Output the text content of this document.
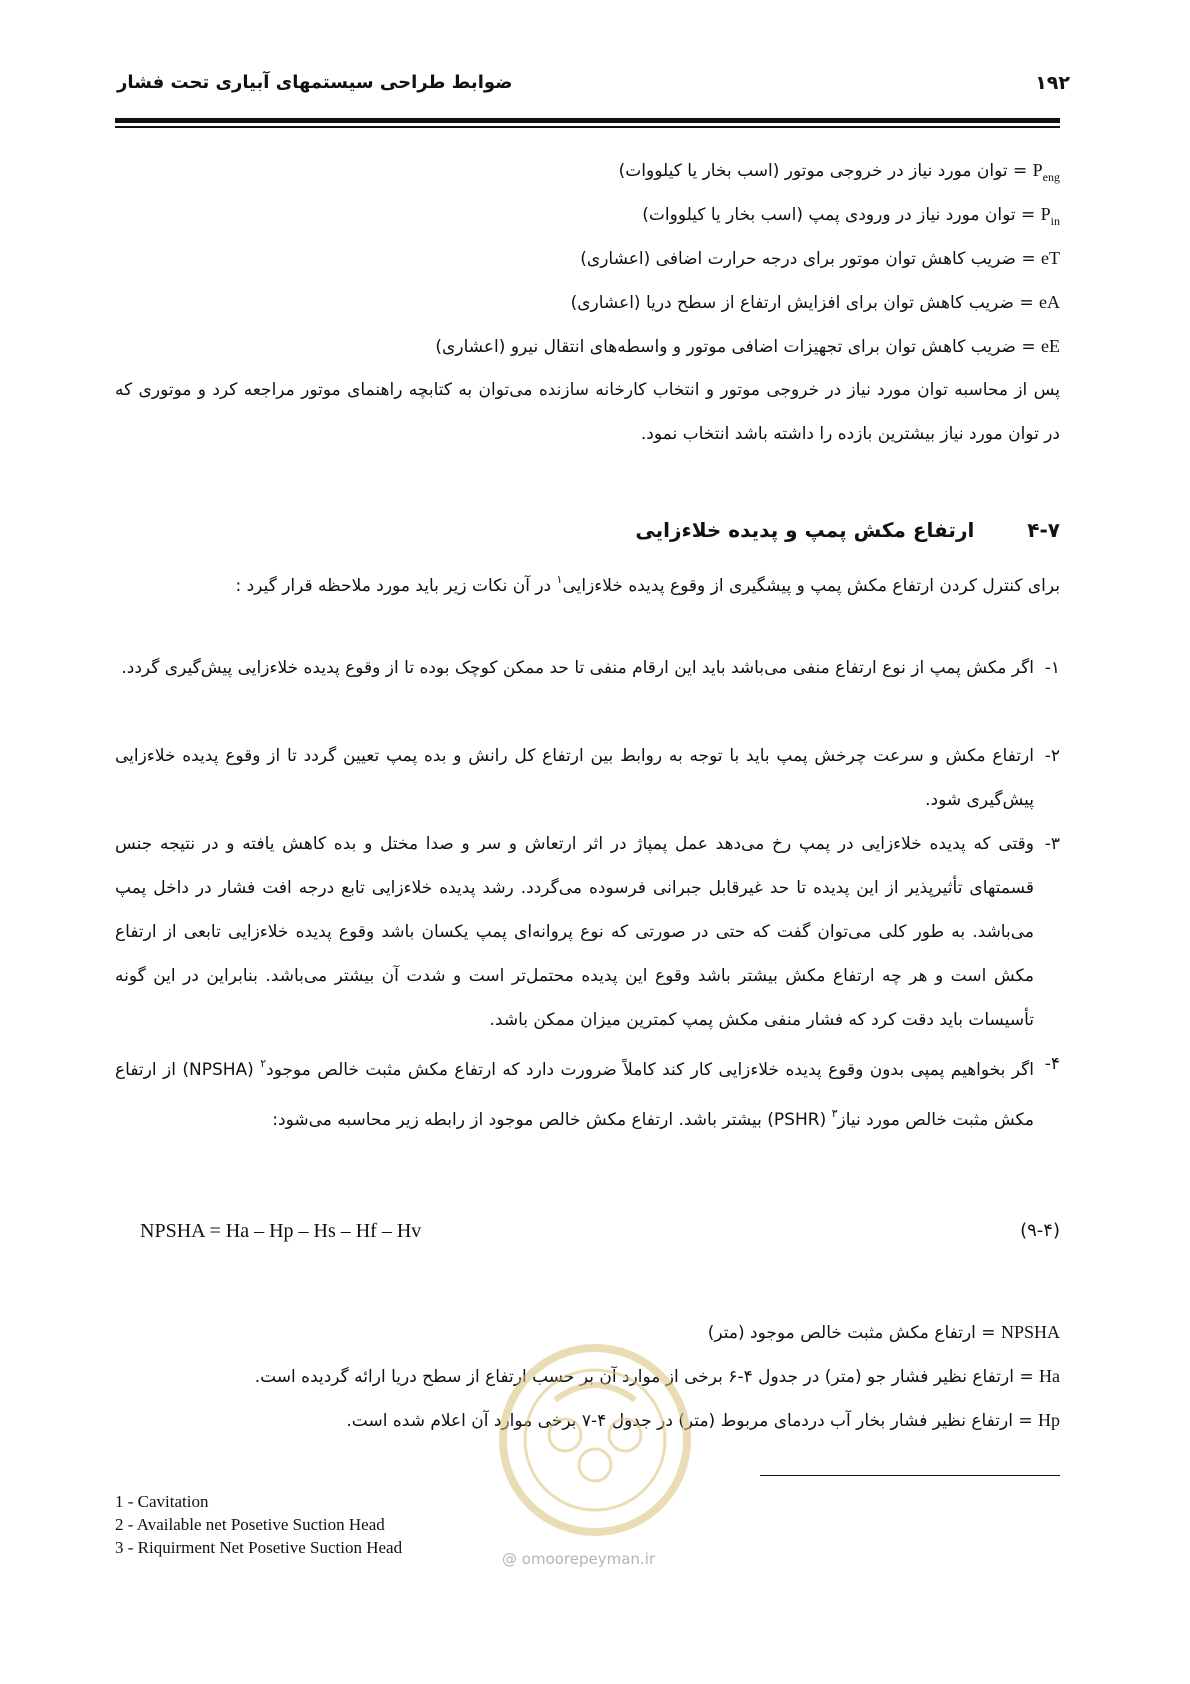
ضوابط طراحی سیستمهای آبیاری تحت فشار	۱۹۲
$P_{eng}$ = توان مورد نیاز در خروجی موتور (اسب بخار یا کیلووات)
$P_{in}$ = توان مورد نیاز در ورودی پمپ (اسب بخار یا کیلووات)
eT = ضریب کاهش توان موتور برای درجه حرارت اضافی (اعشاری)
eA = ضریب کاهش توان برای افزایش ارتفاع از سطح دریا (اعشاری)
eE = ضریب کاهش توان برای تجهیزات اضافی موتور و واسطه‌های انتقال نیرو (اعشاری)
پس از محاسبه توان مورد نیاز در خروجی موتور و انتخاب کارخانه سازنده می‌توان به کتابچه راهنمای موتور مراجعه کرد و موتوری که در توان مورد نیاز بیشترین بازده را داشته باشد انتخاب نمود.
۴-۷ ارتفاع مکش پمپ و پدیده خلاءزایی
برای کنترل کردن ارتفاع مکش پمپ و پیشگیری از وقوع پدیده خلاءزایی$^۱$ در آن نکات زیر باید مورد ملاحظه قرار گیرد :
۱-
اگر مکش پمپ از نوع ارتفاع منفی می‌باشد باید این ارقام منفی تا حد ممکن کوچک بوده تا از وقوع پدیده خلاءزایی پیش‌گیری گردد.
۲-
ارتفاع مکش و سرعت چرخش پمپ باید با توجه به روابط بین ارتفاع کل رانش و بده پمپ تعیین گردد تا از وقوع پدیده خلاءزایی پیش‌گیری شود.
۳-
وقتی که پدیده خلاءزایی در پمپ رخ می‌دهد عمل پمپاژ در اثر ارتعاش و سر و صدا مختل و بده کاهش یافته و در نتیجه جنس قسمتهای تأثیرپذیر از این پدیده تا حد غیرقابل جبرانی فرسوده می‌گردد. رشد پدیده خلاءزایی تابع درجه افت فشار در داخل پمپ می‌باشد. به طور کلی می‌توان گفت که حتی در صورتی که نوع پروانه‌ای پمپ یکسان باشد وقوع پدیده خلاءزایی تابعی از ارتفاع مکش است و هر چه ارتفاع مکش بیشتر باشد وقوع این پدیده محتمل‌تر است و شدت آن بیشتر می‌باشد. بنابراین در این گونه تأسیسات باید دقت کرد که فشار منفی مکش پمپ کمترین میزان ممکن باشد.
۴-
اگر بخواهیم پمپی بدون وقوع پدیده خلاءزایی کار کند کاملاً ضرورت دارد که ارتفاع مکش مثبت خالص موجود$^۲$ (NPSHA) از ارتفاع مکش مثبت خالص مورد نیاز$^۳$ (PSHR) بیشتر باشد. ارتفاع مکش خالص موجود از رابطه زیر محاسبه می‌شود:
NPSHA = Ha – Hp – Hs – Hf – Hv	(۹-۴)
NPSHA = ارتفاع مکش مثبت خالص موجود (متر)
Ha = ارتفاع نظیر فشار جو (متر) در جدول ۴-۶ برخی از موارد آن بر حسب ارتفاع از سطح دریا ارائه گردیده است.
Hp = ارتفاع نظیر فشار بخار آب دردمای مربوط (متر) در جدول ۴-۷ برخی موارد آن اعلام شده است.
@ omoorepeyman.ir
1 - Cavitation
2 - Available net Posetive Suction Head
3 - Riquirment Net Posetive Suction Head
